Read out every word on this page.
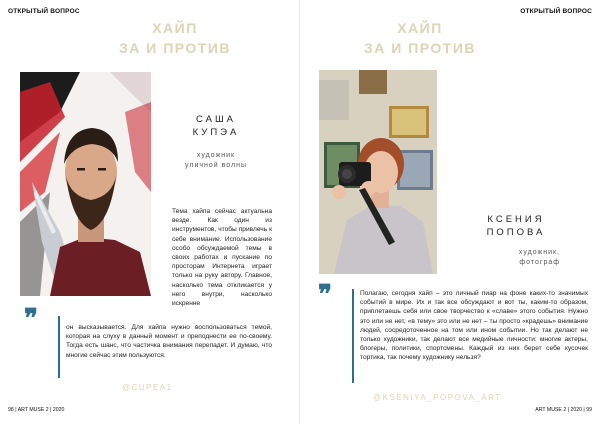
ОТКРЫТЫЙ ВОПРОС
ХАЙП
ЗА И ПРОТИВ
САША
КУПЭА
художник
уличной волны
Тема хайпа сейчас актуальна везде. Как один из инструментов, чтобы привлечь к себе внимание. Использование особо обсуждаемой темы в своих работах и пускание по просторам Интернета играет только на руку автору. Главное, насколько тема откликается у него внутри, насколько искренне
❞	он высказывается. Для хайпа нужно воспользоваться темой, которая на слуху в данный момент и преподнести ее по-своему. Тогда есть шанс, что частичка внимания перепадет. И думаю, что многие сейчас этим пользуются.
@CUPEA1
98 | ART MUSE 2 | 2020
ОТКРЫТЫЙ ВОПРОС
ХАЙП
ЗА И ПРОТИВ
КСЕНИЯ
ПОПОВА
художник,
фотограф
❞	Полагаю, сегодня хайп – это личный пиар на фоне каких-то значимых событий в мире. Их и так все обсуждают и вот ты, каким-то образом, приплетаешь себя или свое творчество к «славе» этого события. Нужно это или не нет, «в тему» это или не нет – ты просто «крадешь» внимание людей, сосредоточенное на том или ином событии. Но так делают не только художники, так делают все медийные личности: многие актеры, блогеры, политики, спортсмены. Каждый из них берет себе кусочек тортика, так почему художнику нельзя?
@KSENIYA_POPOVA_ART
ART MUSE 2 | 2020 | 99
